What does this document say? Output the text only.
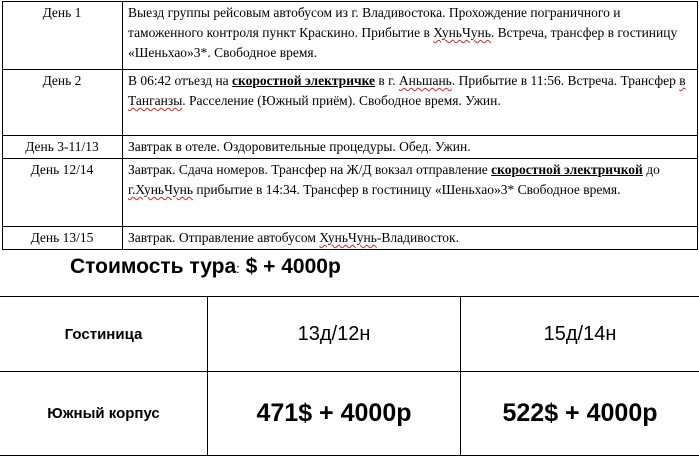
День 1	Выезд группы рейсовым автобусом из г. Владивостока. Прохождение пограничного и таможенного контроля пункт Краскино. Прибытие в ХуньЧунь. Встреча, трансфер в гостиницу «Шеньхао»3*. Свободное время.
День 2	В 06:42 отъезд на скоростной электричке в г. Аньшань. Прибытие в 11:56. Встреча. Трансфер в Танганзы. Расселение (Южный приём). Свободное время. Ужин.
День 3-11/13	Завтрак в отеле. Оздоровительные процедуры. Обед. Ужин.
День 12/14	Завтрак. Сдача номеров. Трансфер на Ж/Д вокзал отправление скоростной электричкой до г.ХуньЧунь прибытие в 14:34. Трансфер в гостиницу «Шеньхао»3* Свободное время.
День 13/15	Завтрак. Отправление автобусом ХуньЧунь-Владивосток.
Стоимость тура: $ + 4000р
Гостиница	13д/12н	15д/14н
Южный корпус	471$ + 4000р	522$ + 4000р
